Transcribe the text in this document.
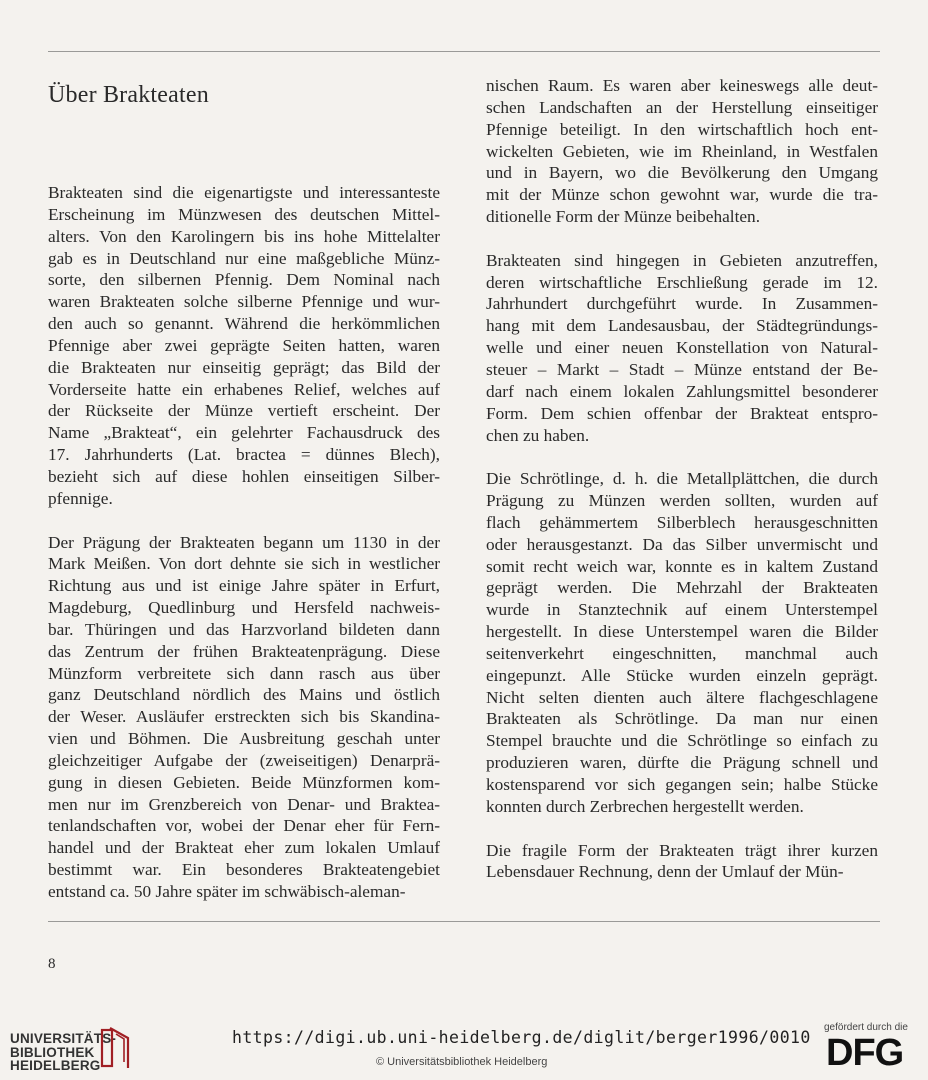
Über Brakteaten

Brakteaten sind die eigenartigste und interessanteste
Erscheinung im Münzwesen des deutschen Mittel-
alters. Von den Karolingern bis ins hohe Mittelalter
gab es in Deutschland nur eine maßgebliche Münz-
sorte, den silbernen Pfennig. Dem Nominal nach
waren Brakteaten solche silberne Pfennige und wur-
den auch so genannt. Während die herkömmlichen
Pfennige aber zwei geprägte Seiten hatten, waren
die Brakteaten nur einseitig geprägt; das Bild der
Vorderseite hatte ein erhabenes Relief, welches auf
der Rückseite der Münze vertieft erscheint. Der
Name „Brakteat“, ein gelehrter Fachausdruck des
17. Jahrhunderts (Lat. bractea = dünnes Blech),
bezieht sich auf diese hohlen einseitigen Silber-
pfennige.

Der Prägung der Brakteaten begann um 1130 in der
Mark Meißen. Von dort dehnte sie sich in westlicher
Richtung aus und ist einige Jahre später in Erfurt,
Magdeburg, Quedlinburg und Hersfeld nachweis-
bar. Thüringen und das Harzvorland bildeten dann
das Zentrum der frühen Brakteatenprägung. Diese
Münzform verbreitete sich dann rasch aus über
ganz Deutschland nördlich des Mains und östlich
der Weser. Ausläufer erstreckten sich bis Skandina-
vien und Böhmen. Die Ausbreitung geschah unter
gleichzeitiger Aufgabe der (zweiseitigen) Denarprä-
gung in diesen Gebieten. Beide Münzformen kom-
men nur im Grenzbereich von Denar- und Braktea-
tenlandschaften vor, wobei der Denar eher für Fern-
handel und der Brakteat eher zum lokalen Umlauf
bestimmt war. Ein besonderes Brakteatengebiet
entstand ca. 50 Jahre später im schwäbisch-aleman-

nischen Raum. Es waren aber keineswegs alle deut-
schen Landschaften an der Herstellung einseitiger
Pfennige beteiligt. In den wirtschaftlich hoch ent-
wickelten Gebieten, wie im Rheinland, in Westfalen
und in Bayern, wo die Bevölkerung den Umgang
mit der Münze schon gewohnt war, wurde die tra-
ditionelle Form der Münze beibehalten.

Brakteaten sind hingegen in Gebieten anzutreffen,
deren wirtschaftliche Erschließung gerade im 12.
Jahrhundert durchgeführt wurde. In Zusammen-
hang mit dem Landesausbau, der Städtegründungs-
welle und einer neuen Konstellation von Natural-
steuer – Markt – Stadt – Münze entstand der Be-
darf nach einem lokalen Zahlungsmittel besonderer
Form. Dem schien offenbar der Brakteat entspro-
chen zu haben.

Die Schrötlinge, d. h. die Metallplättchen, die durch
Prägung zu Münzen werden sollten, wurden auf
flach gehämmertem Silberblech herausgeschnitten
oder herausgestanzt. Da das Silber unvermischt und
somit recht weich war, konnte es in kaltem Zustand
geprägt werden. Die Mehrzahl der Brakteaten
wurde in Stanztechnik auf einem Unterstempel
hergestellt. In diese Unterstempel waren die Bilder
seitenverkehrt eingeschnitten, manchmal auch
eingepunzt. Alle Stücke wurden einzeln geprägt.
Nicht selten dienten auch ältere flachgeschlagene
Brakteaten als Schrötlinge. Da man nur einen
Stempel brauchte und die Schrötlinge so einfach zu
produzieren waren, dürfte die Prägung schnell und
kostensparend vor sich gegangen sein; halbe Stücke
konnten durch Zerbrechen hergestellt werden.

Die fragile Form der Brakteaten trägt ihrer kurzen
Lebensdauer Rechnung, denn der Umlauf der Mün-

8
UNIVERSITÄTS-
BIBLIOTHEK
HEIDELBERG
https://digi.ub.uni-heidelberg.de/diglit/berger1996/0010
© Universitätsbibliothek Heidelberg
gefördert durch die
DFG
